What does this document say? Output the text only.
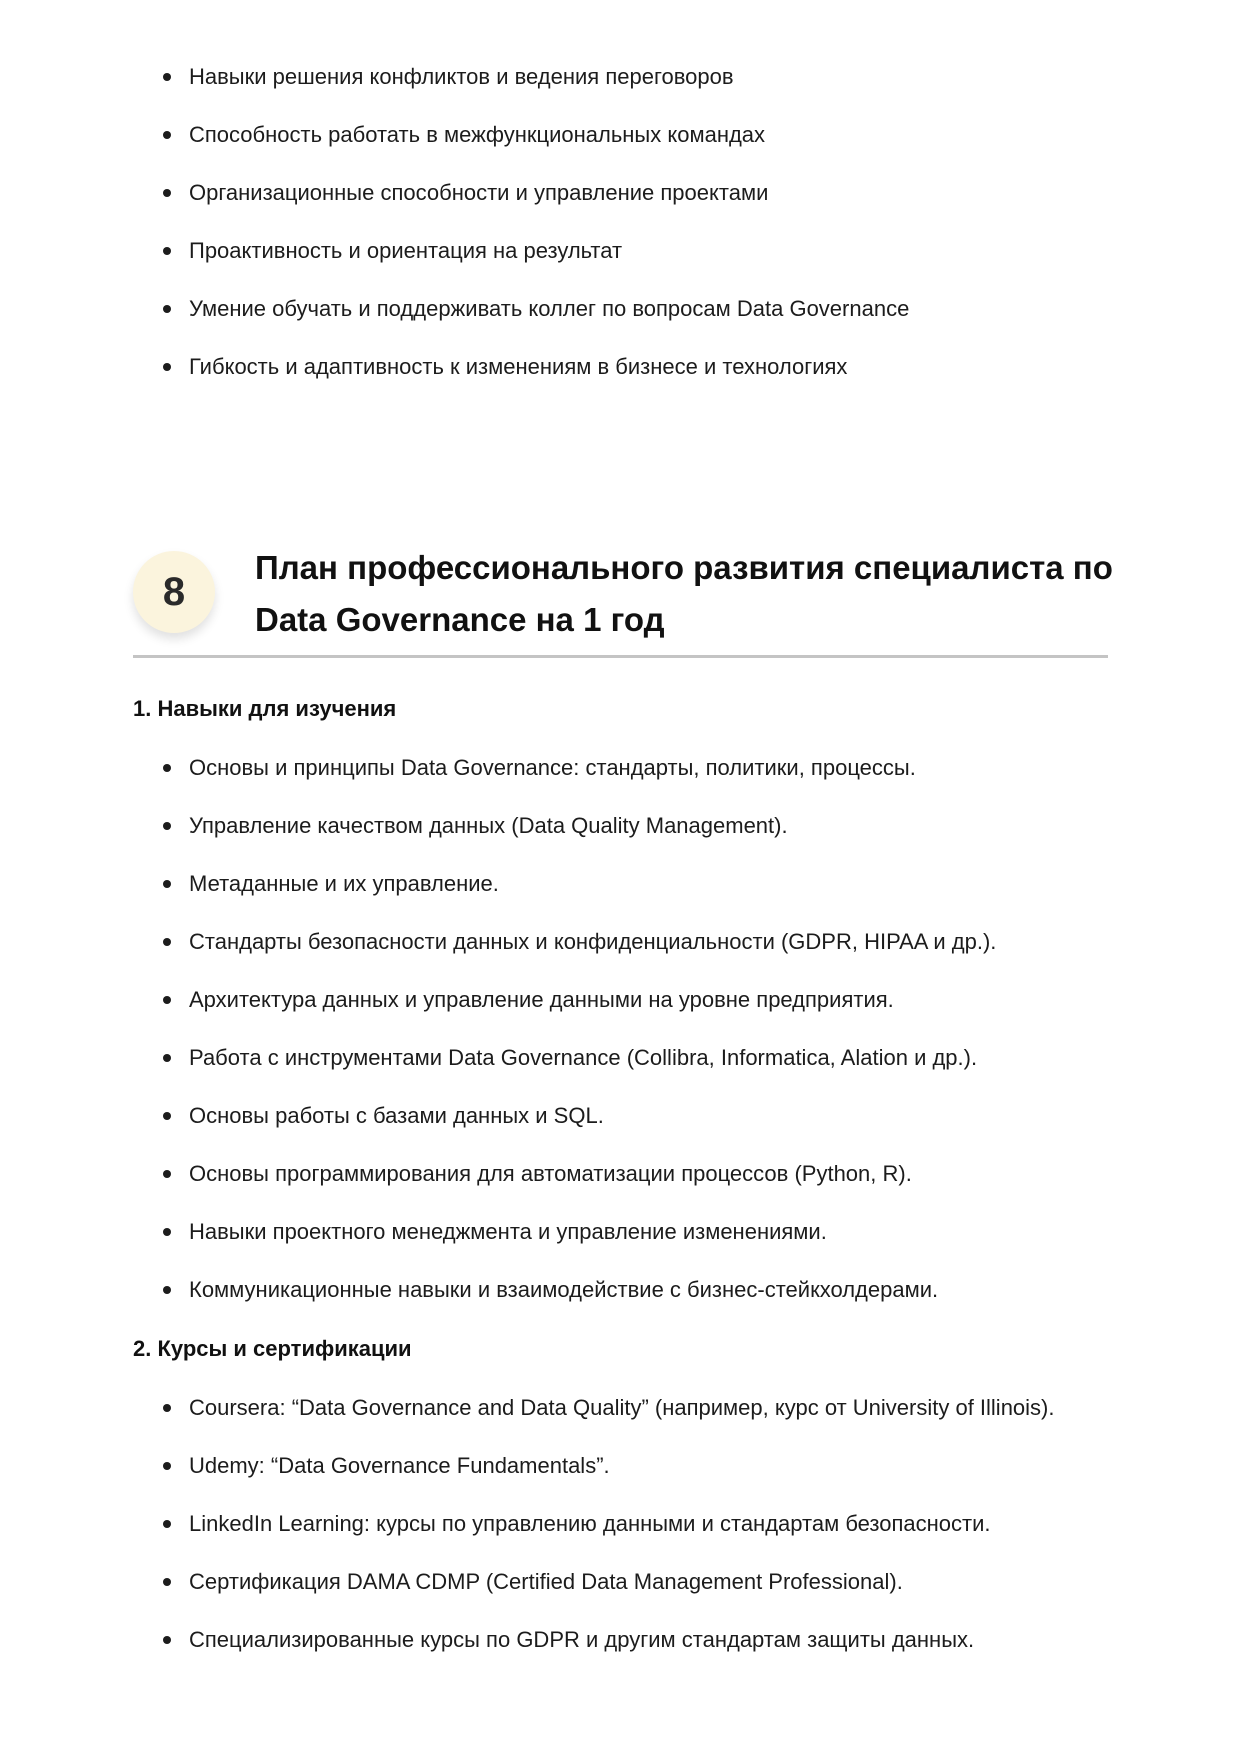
Навыки решения конфликтов и ведения переговоров
Способность работать в межфункциональных командах
Организационные способности и управление проектами
Проактивность и ориентация на результат
Умение обучать и поддерживать коллег по вопросам Data Governance
Гибкость и адаптивность к изменениям в бизнесе и технологиях
8
План профессионального развития специалиста по Data Governance на 1 год
1. Навыки для изучения
Основы и принципы Data Governance: стандарты, политики, процессы.
Управление качеством данных (Data Quality Management).
Метаданные и их управление.
Стандарты безопасности данных и конфиденциальности (GDPR, HIPAA и др.).
Архитектура данных и управление данными на уровне предприятия.
Работа с инструментами Data Governance (Collibra, Informatica, Alation и др.).
Основы работы с базами данных и SQL.
Основы программирования для автоматизации процессов (Python, R).
Навыки проектного менеджмента и управление изменениями.
Коммуникационные навыки и взаимодействие с бизнес-стейкхолдерами.
2. Курсы и сертификации
Coursera: “Data Governance and Data Quality” (например, курс от University of Illinois).
Udemy: “Data Governance Fundamentals”.
LinkedIn Learning: курсы по управлению данными и стандартам безопасности.
Сертификация DAMA CDMP (Certified Data Management Professional).
Специализированные курсы по GDPR и другим стандартам защиты данных.
